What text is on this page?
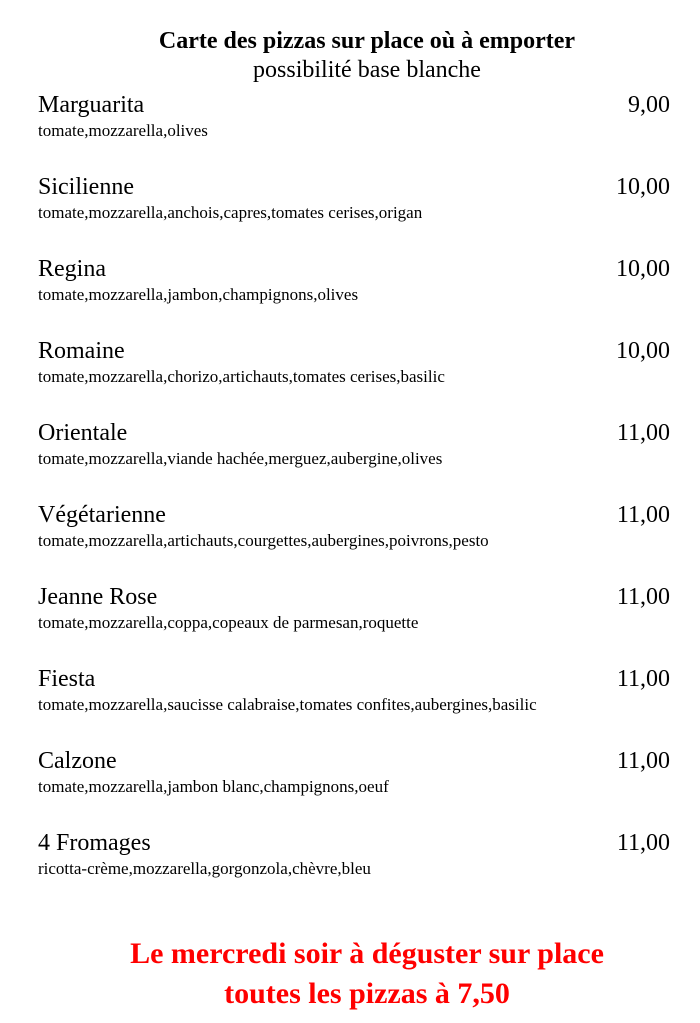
Carte des pizzas sur place où à emporter
possibilité base blanche
Marguarita	9,00
tomate,mozzarella,olives
Sicilienne	10,00
tomate,mozzarella,anchois,capres,tomates cerises,origan
Regina	10,00
tomate,mozzarella,jambon,champignons,olives
Romaine	10,00
tomate,mozzarella,chorizo,artichauts,tomates cerises,basilic
Orientale	11,00
tomate,mozzarella,viande hachée,merguez,aubergine,olives
Végétarienne	11,00
tomate,mozzarella,artichauts,courgettes,aubergines,poivrons,pesto
Jeanne Rose	11,00
tomate,mozzarella,coppa,copeaux de parmesan,roquette
Fiesta	11,00
tomate,mozzarella,saucisse calabraise,tomates confites,aubergines,basilic
Calzone	11,00
tomate,mozzarella,jambon blanc,champignons,oeuf
4 Fromages	11,00
ricotta-crème,mozzarella,gorgonzola,chèvre,bleu
Le mercredi soir à déguster sur place
toutes les pizzas à 7,50
